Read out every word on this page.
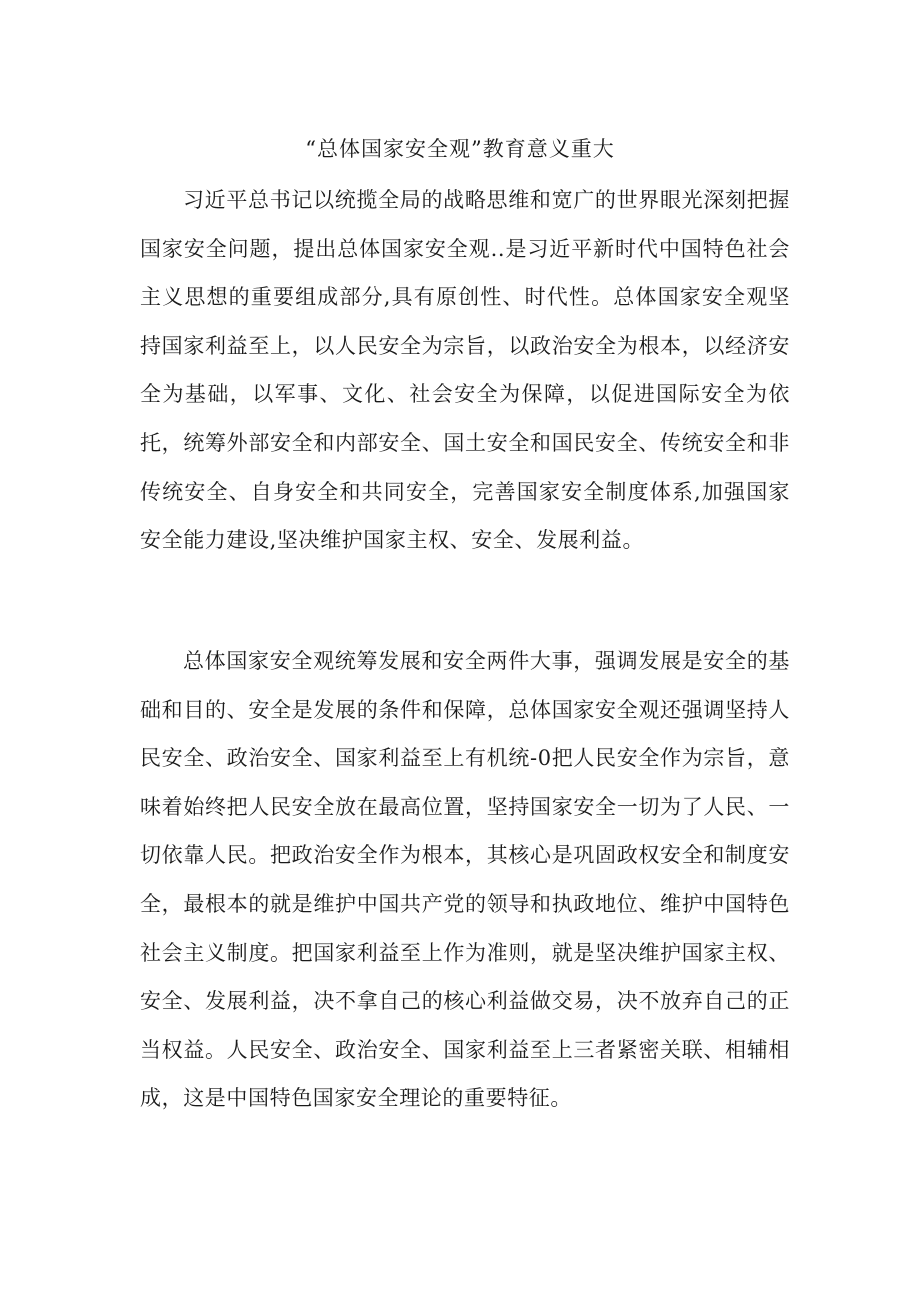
“总体国家安全观”教育意义重大

习近平总书记以统揽全局的战略思维和宽广的世界眼光深刻把握国家安全问题，提出总体国家安全观..是习近平新时代中国特色社会主义思想的重要组成部分,具有原创性、时代性。总体国家安全观坚持国家利益至上，以人民安全为宗旨，以政治安全为根本，以经济安全为基础，以军事、文化、社会安全为保障，以促进国际安全为依托，统筹外部安全和内部安全、国土安全和国民安全、传统安全和非传统安全、自身安全和共同安全，完善国家安全制度体系,加强国家安全能力建设,坚决维护国家主权、安全、发展利益。

总体国家安全观统筹发展和安全两件大事，强调发展是安全的基础和目的、安全是发展的条件和保障，总体国家安全观还强调坚持人民安全、政治安全、国家利益至上有机统-0把人民安全作为宗旨，意味着始终把人民安全放在最高位置，坚持国家安全一切为了人民、一切依靠人民。把政治安全作为根本，其核心是巩固政权安全和制度安全，最根本的就是维护中国共产党的领导和执政地位、维护中国特色社会主义制度。把国家利益至上作为准则，就是坚决维护国家主权、安全、发展利益，决不拿自己的核心利益做交易，决不放弃自己的正当权益。人民安全、政治安全、国家利益至上三者紧密关联、相辅相成，这是中国特色国家安全理论的重要特征。
